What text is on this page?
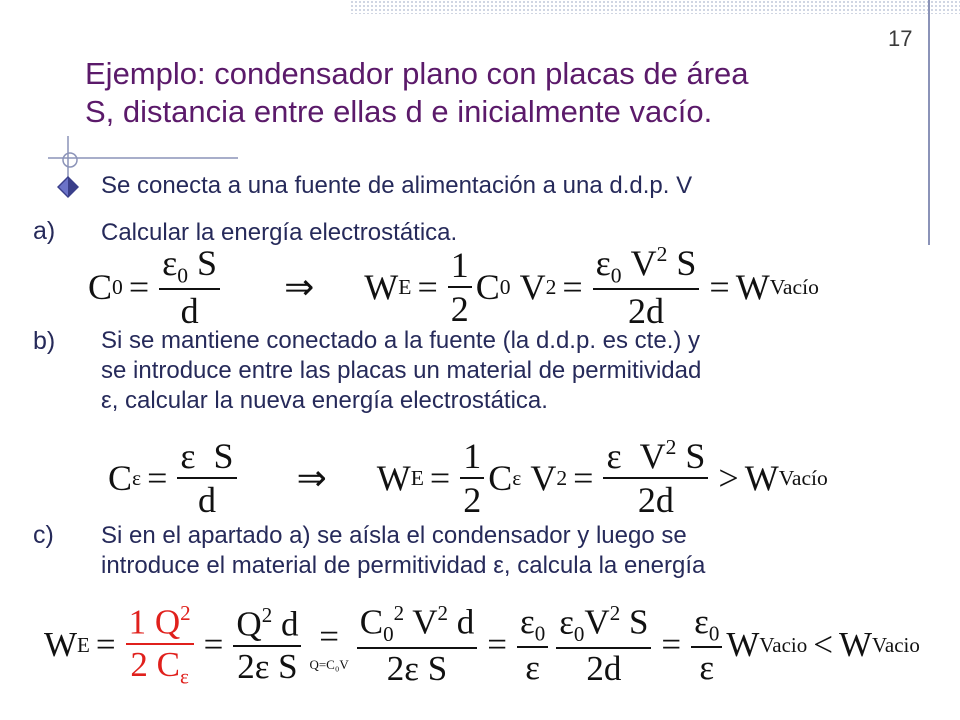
17
Ejemplo: condensador plano con placas de área
S, distancia entre ellas d e inicialmente vacío.
Se conecta a una fuente de alimentación a una d.d.p. V
a) Calcular la energía electrostática.
C $0 = \frac{\varepsilon_0 S}{d}$ ⇒ W $E = \frac{1}{2}$ C 0
V $2 = \frac{\varepsilon_0 V^2 S}{2d} = W$ Vacío
b) Si se mantiene conectado a la fuente (la d.d.p. es cte.) y
se introduce entre las placas un material de permitividad
ε, calcular la nueva energía electrostática.
C $\varepsilon = \frac{\text{ε S}}{d}$ ⇒ W $E = \frac{1}{2}$ C ε
V $2 = \frac{\varepsilon V^2 S}{2d} > W$ Vacío
c) Si en el apartado a) se aísla el condensador y luego se
introduce el material de permitividad ε, calcula la energía
W $E = \frac{1 Q^2}{2 C_\varepsilon} = \frac{Q^2 d}{\text{2ε S}}$ =
$Q=C_0V \frac{C_0^2 V^2 d}{\text{2ε S}} = \frac{\varepsilon_0}{\varepsilon} \frac{\varepsilon_0V^2 S}{2d} = \frac{\varepsilon_0}{\varepsilon}$ W Vacio < W Vacio
